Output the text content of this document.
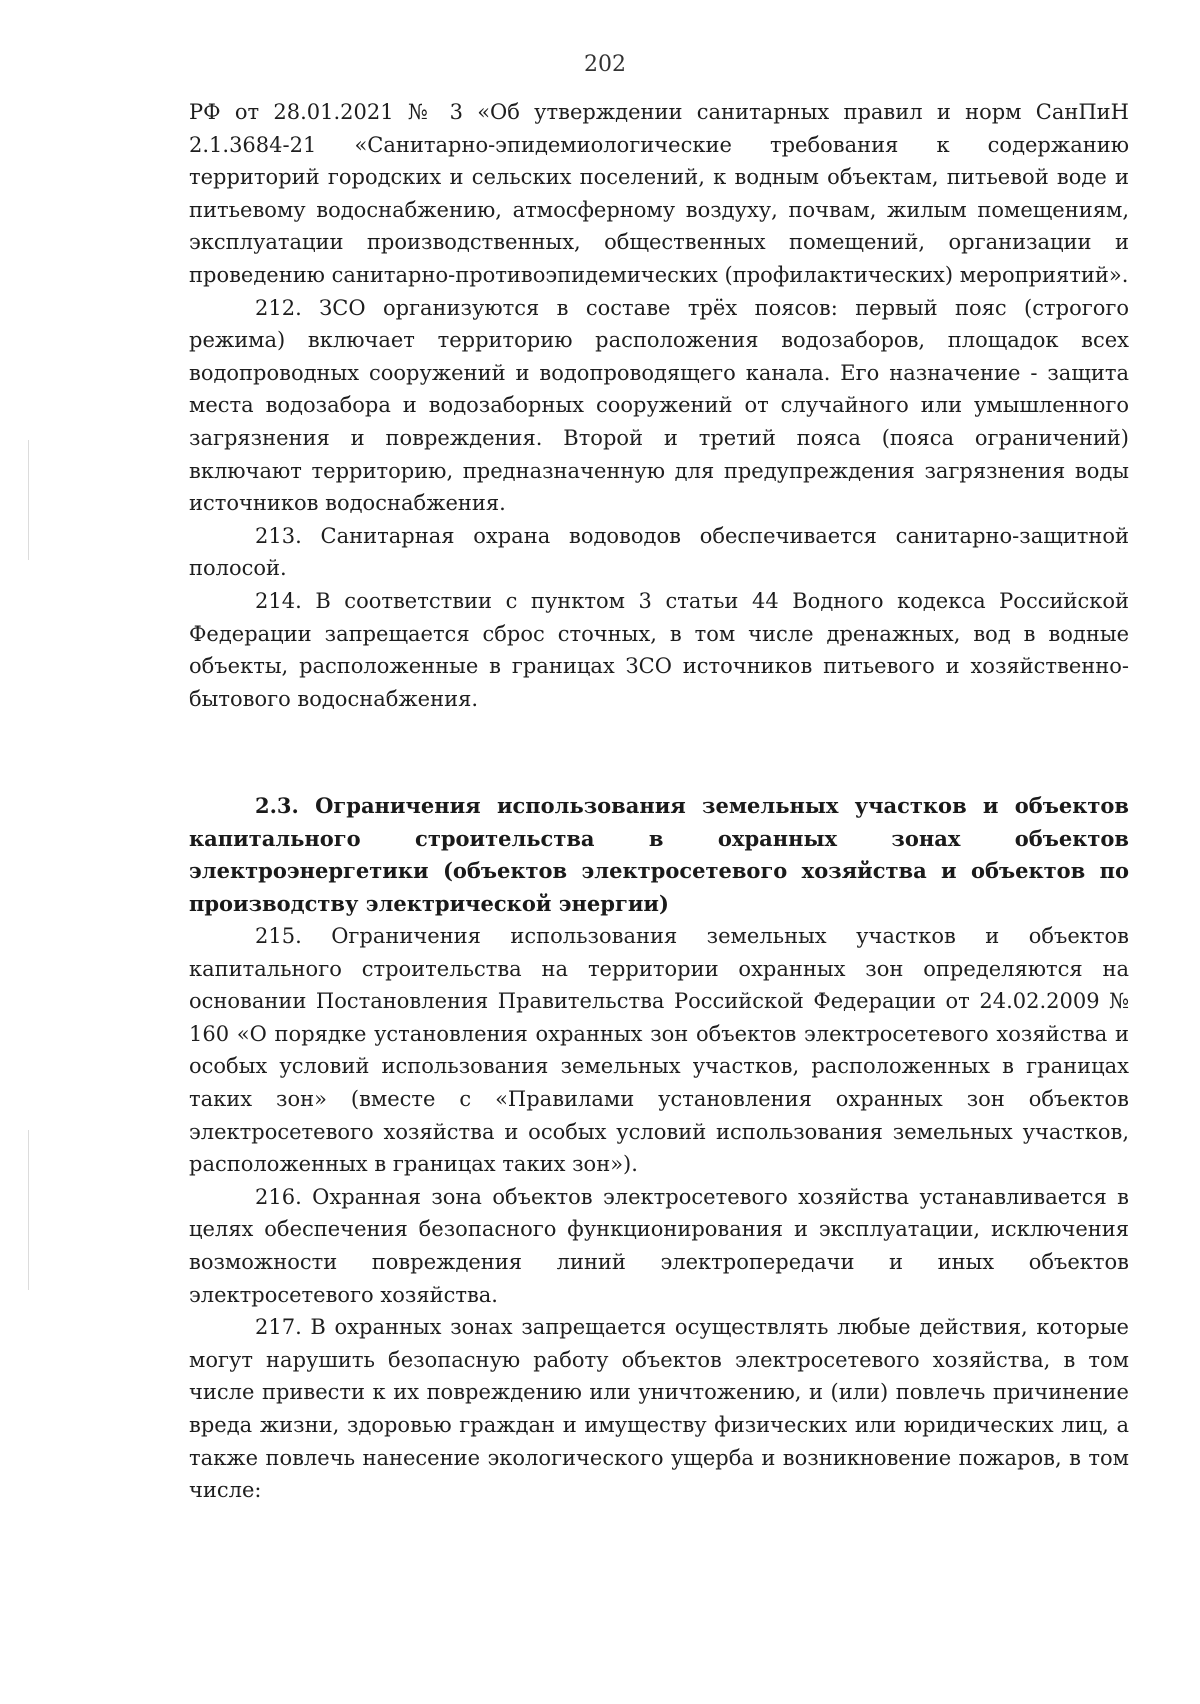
202

РФ от 28.01.2021 № 3 «Об утверждении санитарных правил и норм СанПиН 2.1.3684-21 «Санитарно-эпидемиологические требования к содержанию территорий городских и сельских поселений, к водным объектам, питьевой воде и питьевому водоснабжению, атмосферному воздуху, почвам, жилым помещениям, эксплуатации производственных, общественных помещений, организации и проведению санитарно-противоэпидемических (профилактических) мероприятий».

212. ЗСО организуются в составе трёх поясов: первый пояс (строгого режима) включает территорию расположения водозаборов, площадок всех водопроводных сооружений и водопроводящего канала. Его назначение - защита места водозабора и водозаборных сооружений от случайного или умышленного загрязнения и повреждения. Второй и третий пояса (пояса ограничений) включают территорию, предназначенную для предупреждения загрязнения воды источников водоснабжения.

213. Санитарная охрана водоводов обеспечивается санитарно-защитной полосой.

214. В соответствии с пунктом 3 статьи 44 Водного кодекса Российской Федерации запрещается сброс сточных, в том числе дренажных, вод в водные объекты, расположенные в границах ЗСО источников питьевого и хозяйственно-бытового водоснабжения.

2.3. Ограничения использования земельных участков и объектов капитального строительства в охранных зонах объектов электроэнергетики (объектов электросетевого хозяйства и объектов по производству электрической энергии)

215. Ограничения использования земельных участков и объектов капитального строительства на территории охранных зон определяются на основании Постановления Правительства Российской Федерации от 24.02.2009 № 160 «О порядке установления охранных зон объектов электросетевого хозяйства и особых условий использования земельных участков, расположенных в границах таких зон» (вместе с «Правилами установления охранных зон объектов электросетевого хозяйства и особых условий использования земельных участков, расположенных в границах таких зон»).

216. Охранная зона объектов электросетевого хозяйства устанавливается в целях обеспечения безопасного функционирования и эксплуатации, исключения возможности повреждения линий электропередачи и иных объектов электросетевого хозяйства.

217. В охранных зонах запрещается осуществлять любые действия, которые могут нарушить безопасную работу объектов электросетевого хозяйства, в том числе привести к их повреждению или уничтожению, и (или) повлечь причинение вреда жизни, здоровью граждан и имуществу физических или юридических лиц, а также повлечь нанесение экологического ущерба и возникновение пожаров, в том числе:
